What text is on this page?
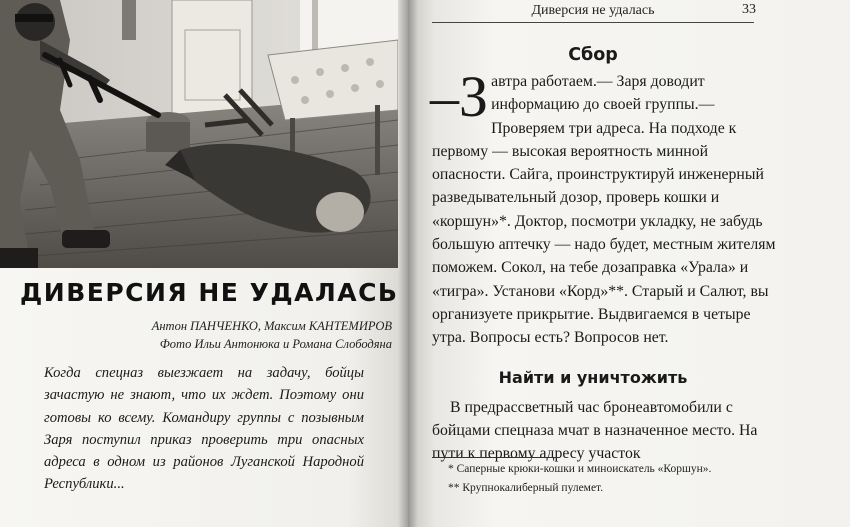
ДИВЕРСИЯ НЕ УДАЛАСЬ
Антон ПАНЧЕНКО, Максим КАНТЕМИРОВ
Фото Ильи Антонюка и Романа Слободяна

Когда спецназ выезжает на задачу, бойцы зачастую не знают, что их ждет. Поэтому они готовы ко всему. Командиру группы с позывным Заря поступил приказ проверить три опасных адреса в одном из районов Луганской Народной Республики...

Диверсия не удалась	33
Сбор

–З автра работаем.— Заря доводит информацию до своей группы.— Проверяем три адреса. На подходе к первому — высокая вероятность минной опасности. Сайга, проинструктируй инженерный разведывательный дозор, проверь кошки и «коршун»*. Доктор, посмотри укладку, не забудь большую аптечку — надо будет, местным жителям поможем. Сокол, на тебе дозаправка «Урала» и «тигра». Установи «Корд»**. Старый и Салют, вы организуете прикрытие. Выдвигаемся в четыре утра. Вопросы есть? Вопросов нет.

Найти и уничтожить

В предрассветный час бронеавтомобили с бойцами спецназа мчат в назначенное место. На пути к первому адресу участок

* Саперные крюки-кошки и миноискатель «Коршун».
** Крупнокалиберный пулемет.
